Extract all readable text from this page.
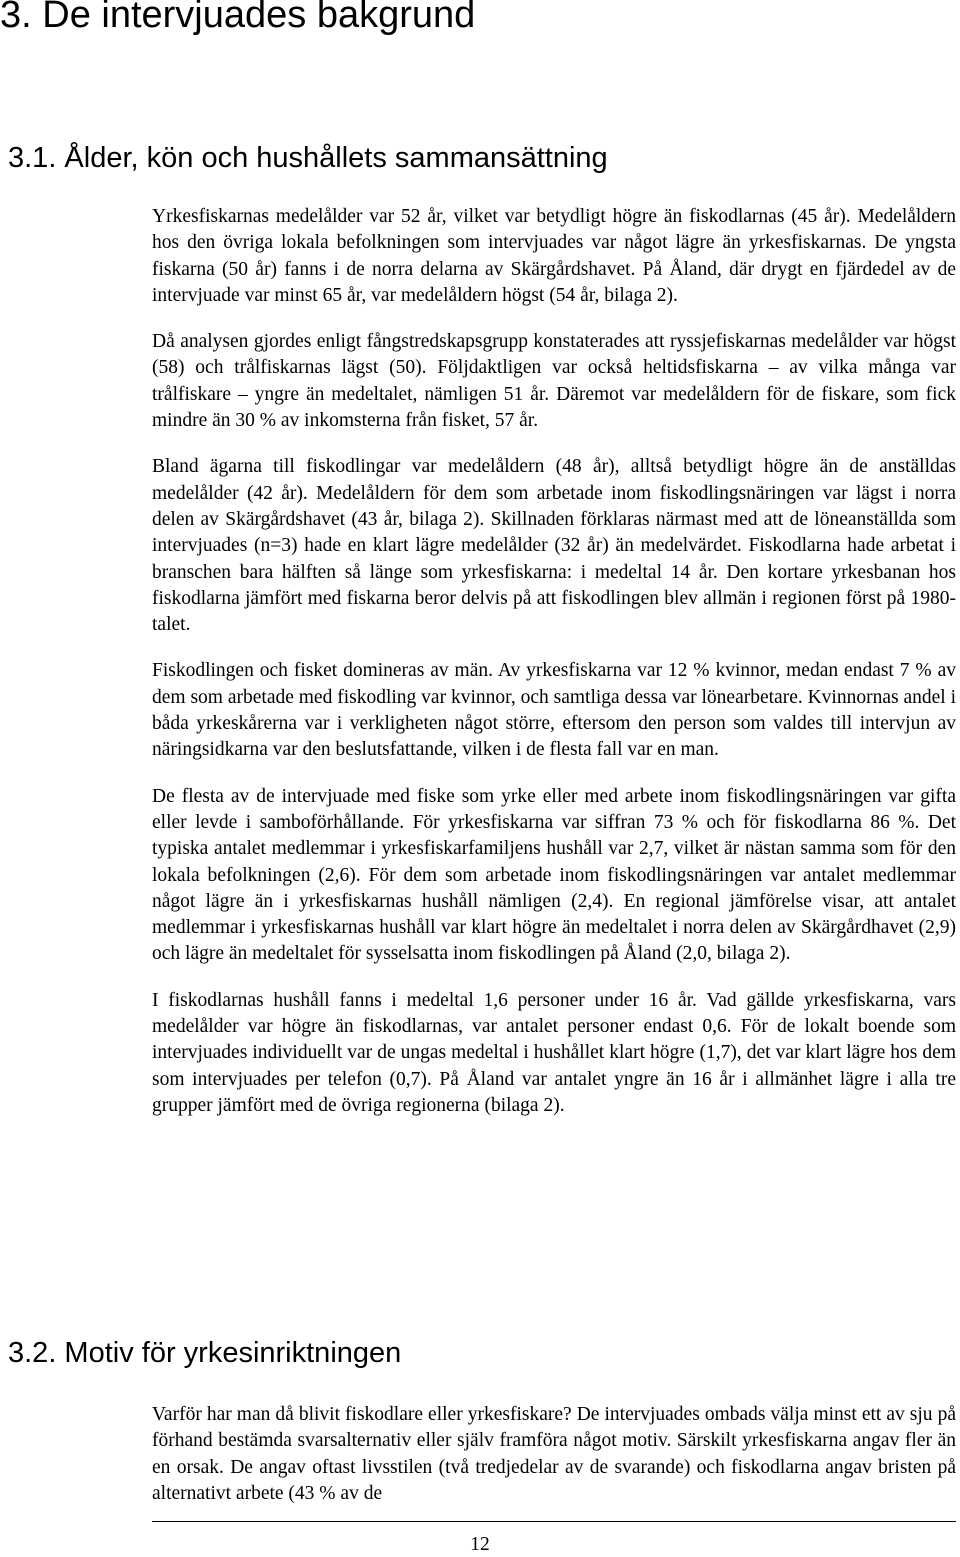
3. De intervjuades bakgrund
3.1. Ålder, kön och hushållets sammansättning

Yrkesfiskarnas medelålder var 52 år, vilket var betydligt högre än fiskodlarnas (45 år). Medelåldern hos den övriga lokala befolkningen som intervjuades var något lägre än yrkesfiskarnas. De yngsta fiskarna (50 år) fanns i de norra delarna av Skärgårdshavet. På Åland, där drygt en fjärdedel av de intervjuade var minst 65 år, var medelåldern högst (54 år, bilaga 2).

Då analysen gjordes enligt fångstredskapsgrupp konstaterades att ryssjefiskarnas medelålder var högst (58) och trålfiskarnas lägst (50). Följdaktligen var också heltidsfiskarna – av vilka många var trålfiskare – yngre än medeltalet, nämligen 51 år. Däremot var medelåldern för de fiskare, som fick mindre än 30 % av inkomsterna från fisket, 57 år.

Bland ägarna till fiskodlingar var medelåldern (48 år), alltså betydligt högre än de anställdas medelålder (42 år). Medelåldern för dem som arbetade inom fiskodlingsnäringen var lägst i norra delen av Skärgårdshavet (43 år, bilaga 2). Skillnaden förklaras närmast med att de löneanställda som intervjuades (n=3) hade en klart lägre medelålder (32 år) än medelvärdet. Fiskodlarna hade arbetat i branschen bara hälften så länge som yrkesfiskarna: i medeltal 14 år. Den kortare yrkesbanan hos fiskodlarna jämfört med fiskarna beror delvis på att fiskodlingen blev allmän i regionen först på 1980-talet.

Fiskodlingen och fisket domineras av män. Av yrkesfiskarna var 12 % kvinnor, medan endast 7 % av dem som arbetade med fiskodling var kvinnor, och samtliga dessa var lönearbetare. Kvinnornas andel i båda yrkeskårerna var i verkligheten något större, eftersom den person som valdes till intervjun av näringsidkarna var den beslutsfattande, vilken i de flesta fall var en man.

De flesta av de intervjuade med fiske som yrke eller med arbete inom fiskodlingsnäringen var gifta eller levde i samboförhållande. För yrkesfiskarna var siffran 73 % och för fiskodlarna 86 %. Det typiska antalet medlemmar i yrkesfiskarfamiljens hushåll var 2,7, vilket är nästan samma som för den lokala befolkningen (2,6). För dem som arbetade inom fiskodlingsnäringen var antalet medlemmar något lägre än i yrkesfiskarnas hushåll nämligen (2,4). En regional jämförelse visar, att antalet medlemmar i yrkesfiskarnas hushåll var klart högre än medeltalet i norra delen av Skärgårdhavet (2,9) och lägre än medeltalet för sysselsatta inom fiskodlingen på Åland (2,0, bilaga 2).

I fiskodlarnas hushåll fanns i medeltal 1,6 personer under 16 år. Vad gällde yrkesfiskarna, vars medelålder var högre än fiskodlarnas, var antalet personer endast 0,6. För de lokalt boende som intervjuades individuellt var de ungas medeltal i hushållet klart högre (1,7), det var klart lägre hos dem som intervjuades per telefon (0,7). På Åland var antalet yngre än 16 år i allmänhet lägre i alla tre grupper jämfört med de övriga regionerna (bilaga 2).

3.2. Motiv för yrkesinriktningen

Varför har man då blivit fiskodlare eller yrkesfiskare? De intervjuades ombads välja minst ett av sju på förhand bestämda svarsalternativ eller själv framföra något motiv. Särskilt yrkesfiskarna angav fler än en orsak. De angav oftast livsstilen (två tredjedelar av de svarande) och fiskodlarna angav bristen på alternativt arbete (43 % av de

12
